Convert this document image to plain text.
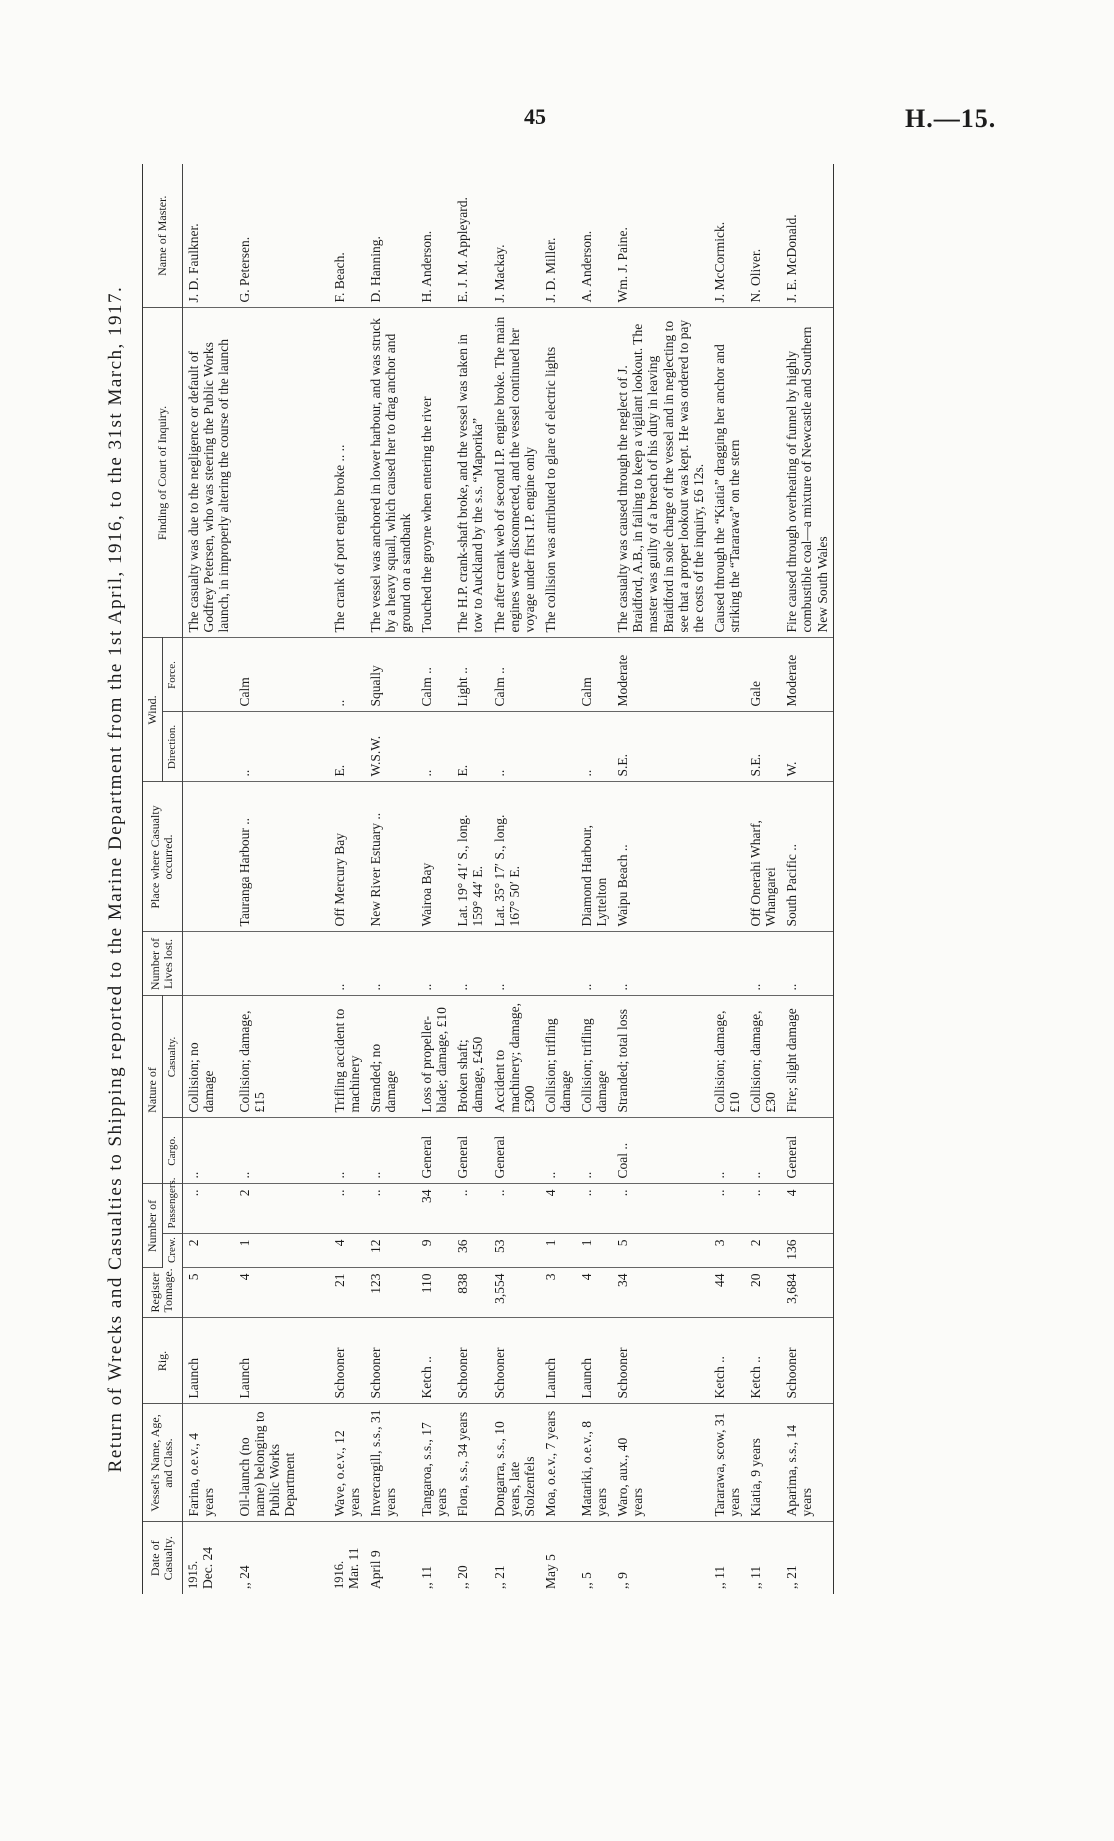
45	H.—15.
Return of Wrecks and Casualties to Shipping reported to the Marine Department from the 1st April, 1916, to the 31st March, 1917.
Date of Casualty.	Vessel's Name, Age, and Class.	Rig.	Register Tonnage.	Number of		Nature of		Number of Lives lost.	Place where Casualty occurred.	Wind.		Finding of Court of Inquiry.	Name of Master.
				Crew.	Passengers.	Cargo.	Casualty.			Direction.	Force.		

1915. Dec. 24	Farina, o.e.v., 4 years	Launch	5	2	..	..	Collision; no damage					The casualty was due to the negligence or default of Godfrey Petersen, who was steering the Public Works launch, in improperly altering the course of the launch	J. D. Faulkner.
,, 24	Oil-launch (no name) belonging to Public Works Department	Launch	4	1	2	..	Collision; damage, £15		Tauranga Harbour ..	..	Calm		G. Petersen.

1916. Mar. 11	Wave, o.e.v., 12 years	Schooner	21	4	..	..	Trifling accident to machinery	..	Off Mercury Bay	E.	..	The crank of port engine broke .. ..	F. Beach.
April 9	Invercargill, s.s., 31 years	Schooner	123	12	..	..	Stranded; no damage	..	New River Estuary ..	W.S.W.	Squally	The vessel was anchored in lower harbour, and was struck by a heavy squall, which caused her to drag anchor and ground on a sandbank	D. Hanning.
,, 11	Tangaroa, s.s., 17 years	Ketch ..	110	9	34	General	Loss of propeller-blade; damage, £10	..	Wairoa Bay	..	Calm ..	Touched the groyne when entering the river	H. Anderson.
,, 20	Flora, s.s., 34 years	Schooner	838	36	..	General	Broken shaft; damage, £450	..	Lat. 19° 41′ S., long. 159° 44′ E.	E.	Light ..	The H.P. crank-shaft broke, and the vessel was taken in tow to Auckland by the s.s. “Maporika”	E. J. M. Appleyard.
,, 21	Dongarra, s.s., 10 years, late Stolzenfels	Schooner	3,554	53	..	General	Accident to machinery; damage, £300	..	Lat. 35° 17′ S., long. 167° 50′ E.	..	Calm ..	The after crank web of second I.P. engine broke. The main engines were disconnected, and the vessel continued her voyage under first I.P. engine only	J. Mackay.
May 5	Moa, o.e.v., 7 years	Launch	3	1	4	..	Collision; trifling damage					The collision was attributed to glare of electric lights	J. D. Miller.
,, 5	Matariki, o.e.v., 8 years	Launch	4	1	..	..	Collision; trifling damage	..	Diamond Harbour, Lyttelton	..	Calm		A. Anderson.
,, 9	Waro, aux., 40 years	Schooner	34	5	..	Coal ..	Stranded; total loss	..	Waipu Beach ..	S.E.	Moderate	The casualty was caused through the neglect of J. Braidford, A.B., in failing to keep a vigilant lookout. The master was guilty of a breach of his duty in leaving Braidford in sole charge of the vessel and in neglecting to see that a proper lookout was kept. He was ordered to pay the costs of the inquiry, £6 12s.	Wm. J. Paine.
,, 11	Tararawa, scow, 31 years	Ketch ..	44	3	..	..	Collision; damage, £10					Caused through the “Kiatia” dragging her anchor and striking the “Tararawa” on the stern	J. McCormick.
,, 11	Kiatia, 9 years	Ketch ..	20	2	..	..	Collision; damage, £30	..	Off Onerahi Wharf, Whangarei	S.E.	Gale		N. Oliver.
,, 21	Aparima, s.s., 14 years	Schooner	3,684	136	4	General	Fire; slight damage	..	South Pacific ..	W.	Moderate	Fire caused through overheating of funnel by highly combustible coal—a mixture of Newcastle and Southern New South Wales	J. E. McDonald.
